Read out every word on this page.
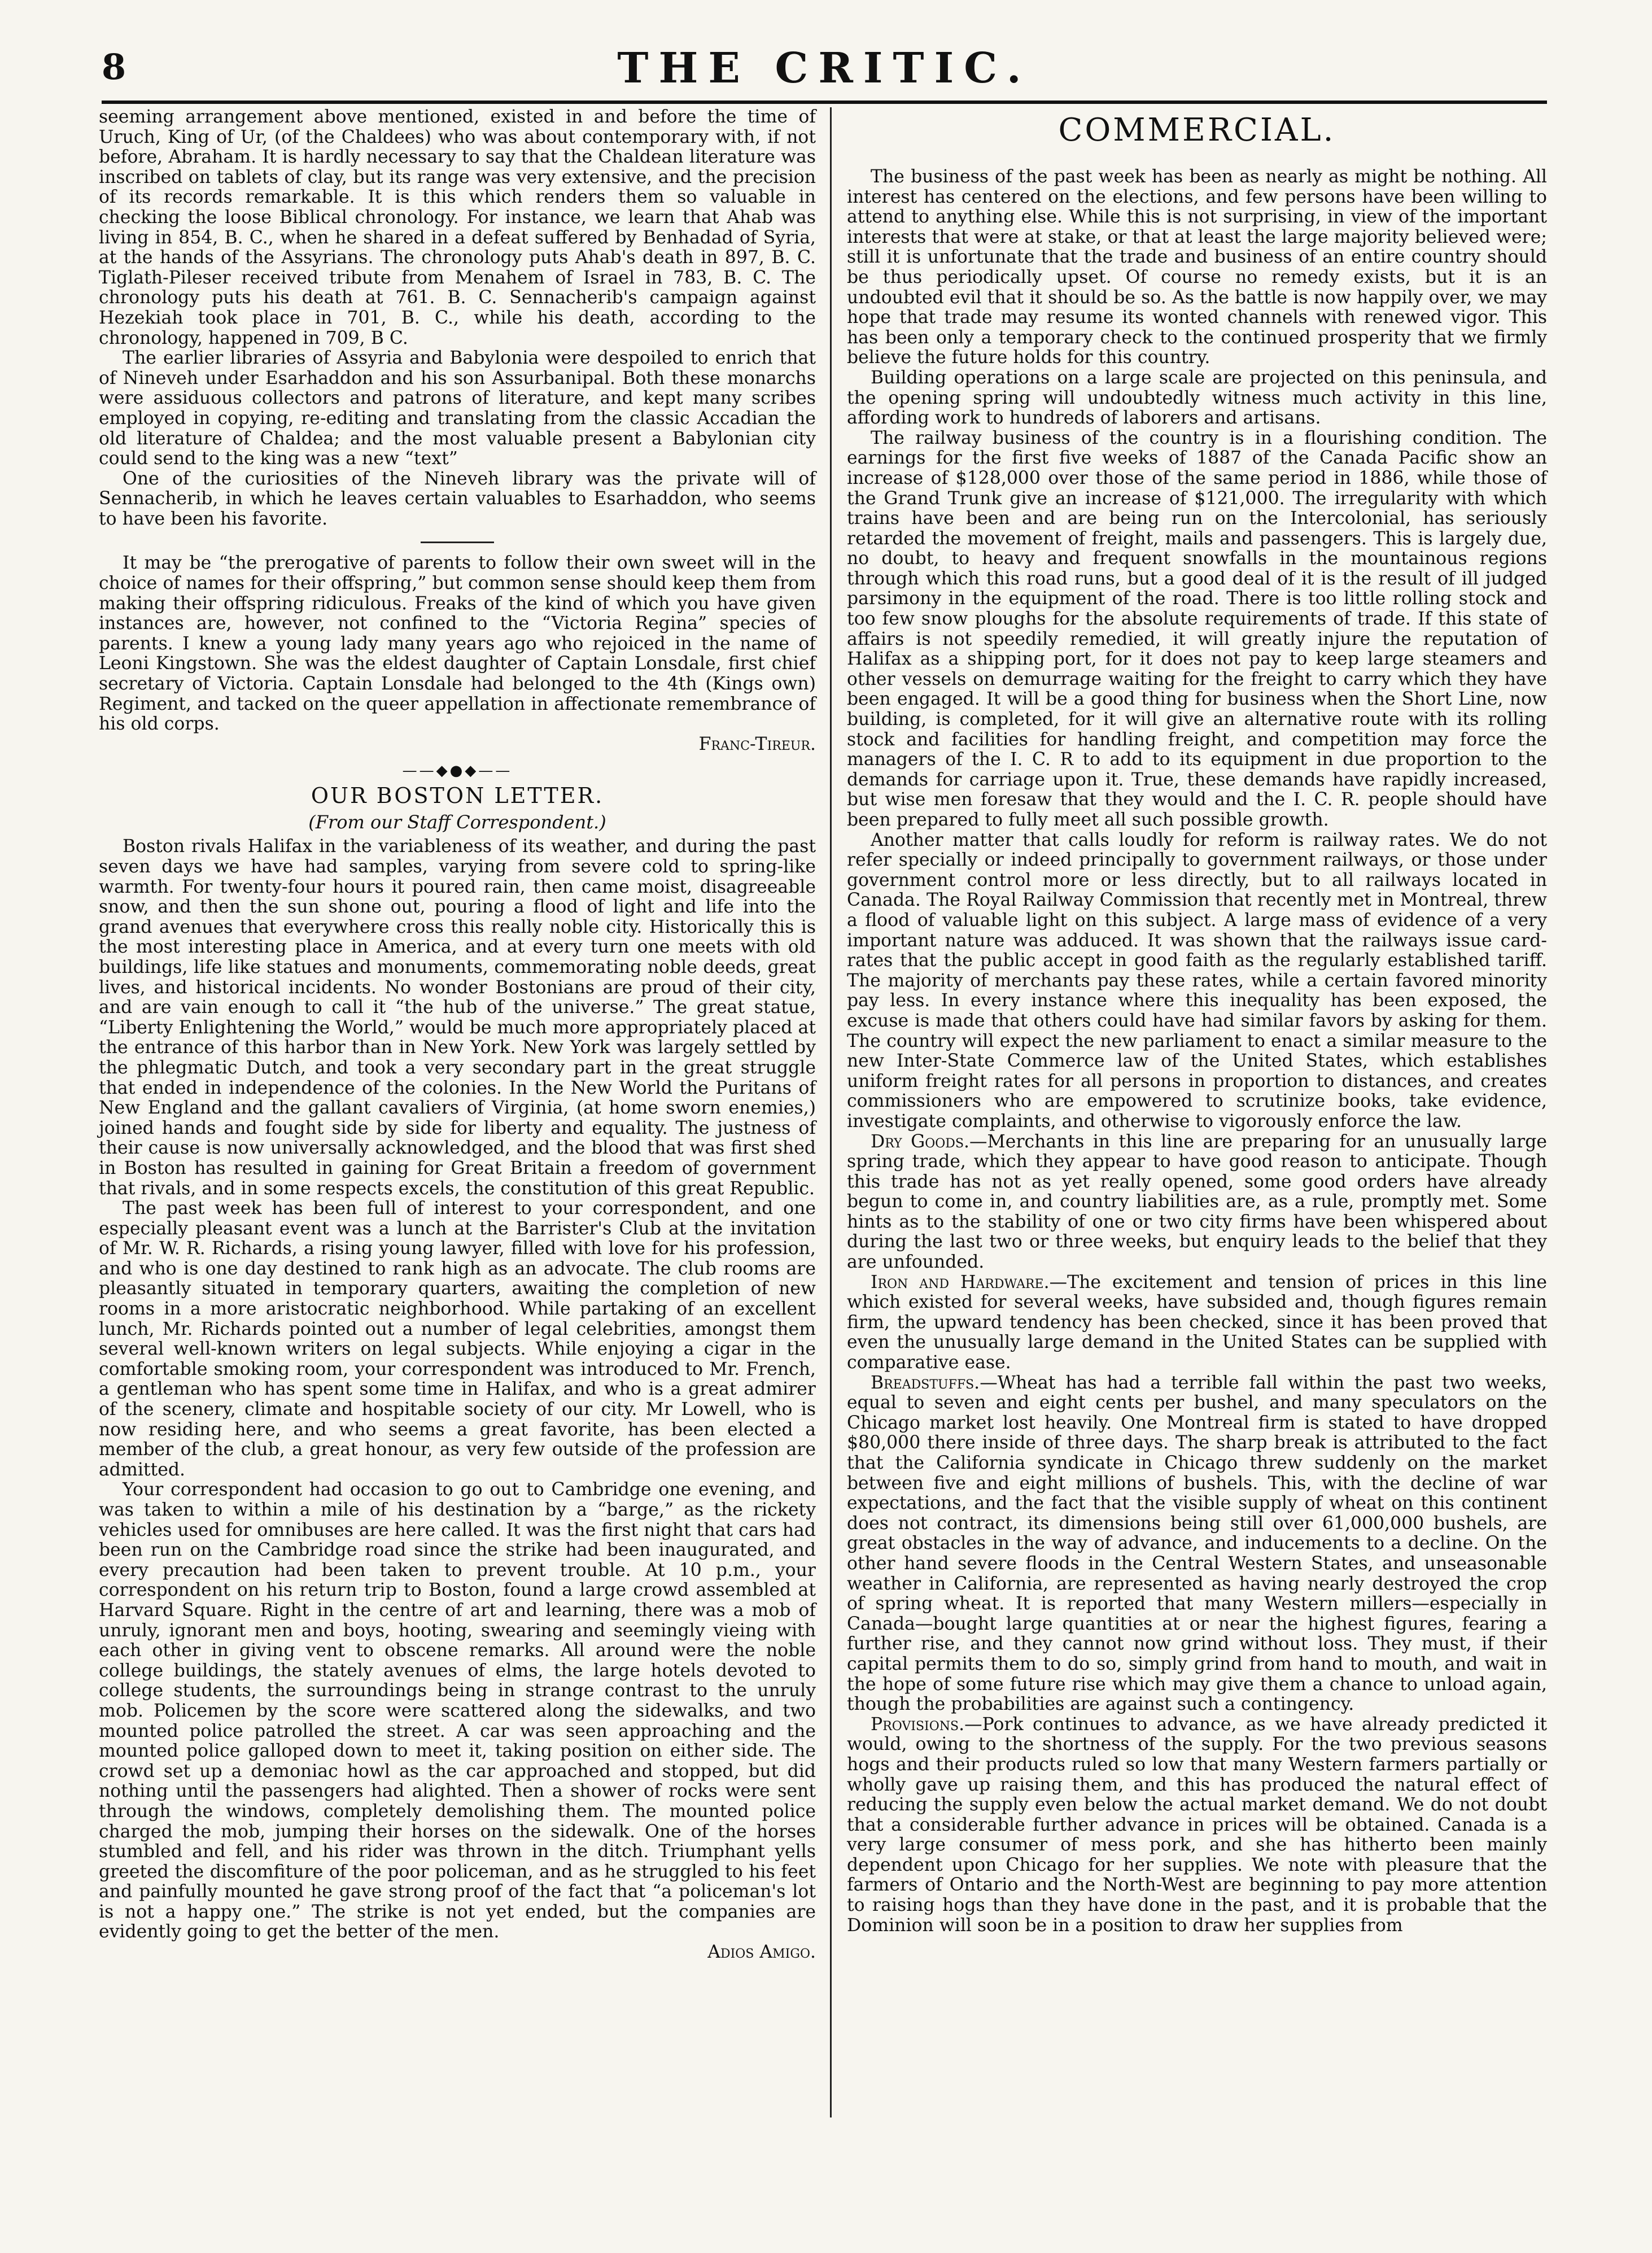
8	THE CRITIC.

seeming arrangement above mentioned, existed in and before the time of Uruch, King of Ur, (of the Chaldees) who was about contemporary with, if not before, Abraham. It is hardly necessary to say that the Chaldean literature was inscribed on tablets of clay, but its range was very extensive, and the precision of its records remarkable. It is this which renders them so valuable in checking the loose Biblical chronology. For instance, we learn that Ahab was living in 854, B. C., when he shared in a defeat suffered by Benhadad of Syria, at the hands of the Assyrians. The chronology puts Ahab's death in 897, B. C. Tiglath-Pileser received tribute from Menahem of Israel in 783, B. C. The chronology puts his death at 761. B. C. Sennacherib's campaign against Hezekiah took place in 701, B. C., while his death, according to the chronology, happened in 709, B C.

The earlier libraries of Assyria and Babylonia were despoiled to enrich that of Nineveh under Esarhaddon and his son Assurbanipal. Both these monarchs were assiduous collectors and patrons of literature, and kept many scribes employed in copying, re-editing and translating from the classic Accadian the old literature of Chaldea; and the most valuable present a Babylonian city could send to the king was a new “text”

One of the curiosities of the Nineveh library was the private will of Sennacherib, in which he leaves certain valuables to Esarhaddon, who seems to have been his favorite.

It may be “the prerogative of parents to follow their own sweet will in the choice of names for their offspring,” but common sense should keep them from making their offspring ridiculous. Freaks of the kind of which you have given instances are, however, not confined to the “Victoria Regina” species of parents. I knew a young lady many years ago who rejoiced in the name of Leoni Kingstown. She was the eldest daughter of Captain Lonsdale, first chief secretary of Victoria. Captain Lonsdale had belonged to the 4th (Kings own) Regiment, and tacked on the queer appellation in affectionate remembrance of his old corps.

Franc-Tireur.
——◆●◆——
OUR BOSTON LETTER.
(From our Staff Correspondent.)

Boston rivals Halifax in the variableness of its weather, and during the past seven days we have had samples, varying from severe cold to spring-like warmth. For twenty-four hours it poured rain, then came moist, disagreeable snow, and then the sun shone out, pouring a flood of light and life into the grand avenues that everywhere cross this really noble city. Historically this is the most interesting place in America, and at every turn one meets with old buildings, life like statues and monuments, commemorating noble deeds, great lives, and historical incidents. No wonder Bostonians are proud of their city, and are vain enough to call it “the hub of the universe.” The great statue, “Liberty Enlightening the World,” would be much more appropriately placed at the entrance of this harbor than in New York. New York was largely settled by the phlegmatic Dutch, and took a very secondary part in the great struggle that ended in independence of the colonies. In the New World the Puritans of New England and the gallant cavaliers of Virginia, (at home sworn enemies,) joined hands and fought side by side for liberty and equality. The justness of their cause is now universally acknowledged, and the blood that was first shed in Boston has resulted in gaining for Great Britain a freedom of government that rivals, and in some respects excels, the constitution of this great Republic.

The past week has been full of interest to your correspondent, and one especially pleasant event was a lunch at the Barrister's Club at the invitation of Mr. W. R. Richards, a rising young lawyer, filled with love for his profession, and who is one day destined to rank high as an advocate. The club rooms are pleasantly situated in temporary quarters, awaiting the completion of new rooms in a more aristocratic neighborhood. While partaking of an excellent lunch, Mr. Richards pointed out a number of legal celebrities, amongst them several well-known writers on legal subjects. While enjoying a cigar in the comfortable smoking room, your correspondent was introduced to Mr. French, a gentleman who has spent some time in Halifax, and who is a great admirer of the scenery, climate and hospitable society of our city. Mr Lowell, who is now residing here, and who seems a great favorite, has been elected a member of the club, a great honour, as very few outside of the profession are admitted.

Your correspondent had occasion to go out to Cambridge one evening, and was taken to within a mile of his destination by a “barge,” as the rickety vehicles used for omnibuses are here called. It was the first night that cars had been run on the Cambridge road since the strike had been inaugurated, and every precaution had been taken to prevent trouble. At 10 p.m., your correspondent on his return trip to Boston, found a large crowd assembled at Harvard Square. Right in the centre of art and learning, there was a mob of unruly, ignorant men and boys, hooting, swearing and seemingly vieing with each other in giving vent to obscene remarks. All around were the noble college buildings, the stately avenues of elms, the large hotels devoted to college students, the surroundings being in strange contrast to the unruly mob. Policemen by the score were scattered along the sidewalks, and two mounted police patrolled the street. A car was seen approaching and the mounted police galloped down to meet it, taking position on either side. The crowd set up a demoniac howl as the car approached and stopped, but did nothing until the passengers had alighted. Then a shower of rocks were sent through the windows, completely demolishing them. The mounted police charged the mob, jumping their horses on the sidewalk. One of the horses stumbled and fell, and his rider was thrown in the ditch. Triumphant yells greeted the discomfiture of the poor policeman, and as he struggled to his feet and painfully mounted he gave strong proof of the fact that “a policeman's lot is not a happy one.” The strike is not yet ended, but the companies are evidently going to get the better of the men.

Adios Amigo.
COMMERCIAL.

The business of the past week has been as nearly as might be nothing. All interest has centered on the elections, and few persons have been willing to attend to anything else. While this is not surprising, in view of the important interests that were at stake, or that at least the large majority believed were; still it is unfortunate that the trade and business of an entire country should be thus periodically upset. Of course no remedy exists, but it is an undoubted evil that it should be so. As the battle is now happily over, we may hope that trade may resume its wonted channels with renewed vigor. This has been only a temporary check to the continued prosperity that we firmly believe the future holds for this country.

Building operations on a large scale are projected on this peninsula, and the opening spring will undoubtedly witness much activity in this line, affording work to hundreds of laborers and artisans.

The railway business of the country is in a flourishing condition. The earnings for the first five weeks of 1887 of the Canada Pacific show an increase of $128,000 over those of the same period in 1886, while those of the Grand Trunk give an increase of $121,000. The irregularity with which trains have been and are being run on the Intercolonial, has seriously retarded the movement of freight, mails and passengers. This is largely due, no doubt, to heavy and frequent snowfalls in the mountainous regions through which this road runs, but a good deal of it is the result of ill judged parsimony in the equipment of the road. There is too little rolling stock and too few snow ploughs for the absolute requirements of trade. If this state of affairs is not speedily remedied, it will greatly injure the reputation of Halifax as a shipping port, for it does not pay to keep large steamers and other vessels on demurrage waiting for the freight to carry which they have been engaged. It will be a good thing for business when the Short Line, now building, is completed, for it will give an alternative route with its rolling stock and facilities for handling freight, and competition may force the managers of the I. C. R to add to its equipment in due proportion to the demands for carriage upon it. True, these demands have rapidly increased, but wise men foresaw that they would and the I. C. R. people should have been prepared to fully meet all such possible growth.

Another matter that calls loudly for reform is railway rates. We do not refer specially or indeed principally to government railways, or those under government control more or less directly, but to all railways located in Canada. The Royal Railway Commission that recently met in Montreal, threw a flood of valuable light on this subject. A large mass of evidence of a very important nature was adduced. It was shown that the railways issue card-rates that the public accept in good faith as the regularly established tariff. The majority of merchants pay these rates, while a certain favored minority pay less. In every instance where this inequality has been exposed, the excuse is made that others could have had similar favors by asking for them. The country will expect the new parliament to enact a similar measure to the new Inter-State Commerce law of the United States, which establishes uniform freight rates for all persons in proportion to distances, and creates commissioners who are empowered to scrutinize books, take evidence, investigate complaints, and otherwise to vigorously enforce the law.

Dry Goods.—Merchants in this line are preparing for an unusually large spring trade, which they appear to have good reason to anticipate. Though this trade has not as yet really opened, some good orders have already begun to come in, and country liabilities are, as a rule, promptly met. Some hints as to the stability of one or two city firms have been whispered about during the last two or three weeks, but enquiry leads to the belief that they are unfounded.

Iron and Hardware.—The excitement and tension of prices in this line which existed for several weeks, have subsided and, though figures remain firm, the upward tendency has been checked, since it has been proved that even the unusually large demand in the United States can be supplied with comparative ease.

Breadstuffs.—Wheat has had a terrible fall within the past two weeks, equal to seven and eight cents per bushel, and many speculators on the Chicago market lost heavily. One Montreal firm is stated to have dropped $80,000 there inside of three days. The sharp break is attributed to the fact that the California syndicate in Chicago threw suddenly on the market between five and eight millions of bushels. This, with the decline of war expectations, and the fact that the visible supply of wheat on this continent does not contract, its dimensions being still over 61,000,000 bushels, are great obstacles in the way of advance, and inducements to a decline. On the other hand severe floods in the Central Western States, and unseasonable weather in California, are represented as having nearly destroyed the crop of spring wheat. It is reported that many Western millers—especially in Canada—bought large quantities at or near the highest figures, fearing a further rise, and they cannot now grind without loss. They must, if their capital permits them to do so, simply grind from hand to mouth, and wait in the hope of some future rise which may give them a chance to unload again, though the probabilities are against such a contingency.

Provisions.—Pork continues to advance, as we have already predicted it would, owing to the shortness of the supply. For the two previous seasons hogs and their products ruled so low that many Western farmers partially or wholly gave up raising them, and this has produced the natural effect of reducing the supply even below the actual market demand. We do not doubt that a considerable further advance in prices will be obtained. Canada is a very large consumer of mess pork, and she has hitherto been mainly dependent upon Chicago for her supplies. We note with pleasure that the farmers of Ontario and the North-West are beginning to pay more attention to raising hogs than they have done in the past, and it is probable that the Dominion will soon be in a position to draw her supplies from
